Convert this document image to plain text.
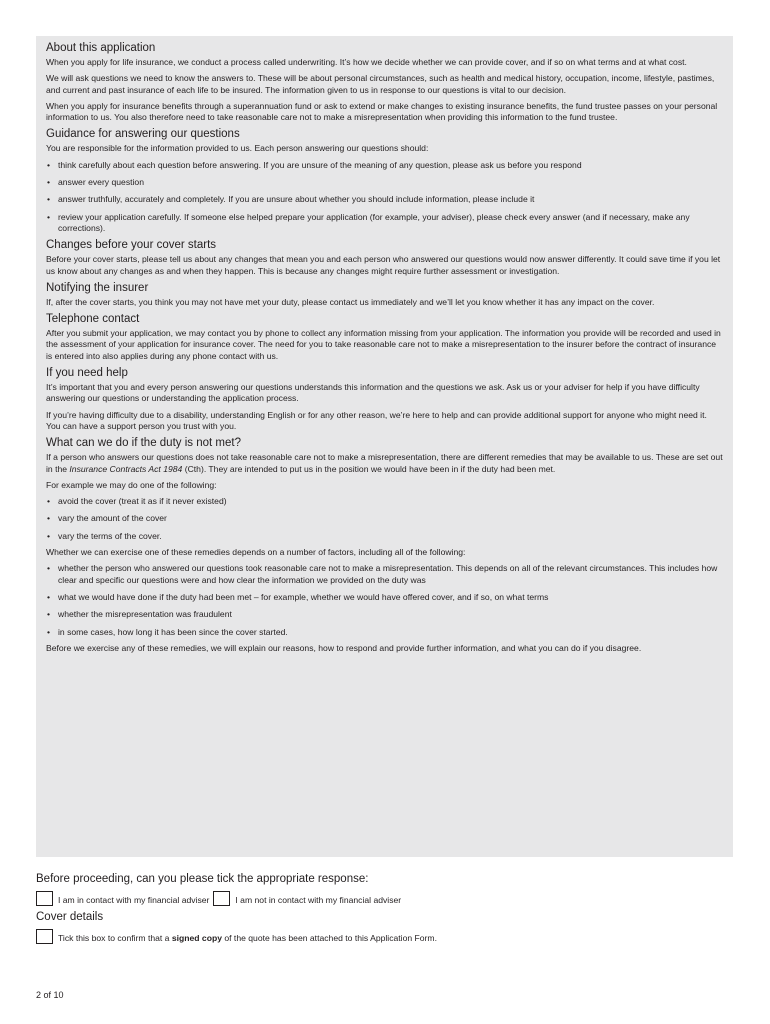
About this application

When you apply for life insurance, we conduct a process called underwriting. It’s how we decide whether we can provide cover, and if so on what terms and at what cost.

We will ask questions we need to know the answers to. These will be about personal circumstances, such as health and medical history, occupation, income, lifestyle, pastimes, and current and past insurance of each life to be insured. The information given to us in response to our questions is vital to our decision.

When you apply for insurance benefits through a superannuation fund or ask to extend or make changes to existing insurance benefits, the fund trustee passes on your personal information to us. You also therefore need to take reasonable care not to make a misrepresentation when providing this information to the fund trustee.

Guidance for answering our questions

You are responsible for the information provided to us. Each person answering our questions should:

• think carefully about each question before answering. If you are unsure of the meaning of any question, please ask us before you respond
• answer every question
• answer truthfully, accurately and completely. If you are unsure about whether you should include information, please include it
• review your application carefully. If someone else helped prepare your application (for example, your adviser), please check every answer (and if necessary, make any corrections).
Changes before your cover starts

Before your cover starts, please tell us about any changes that mean you and each person who answered our questions would now answer differently. It could save time if you let us know about any changes as and when they happen. This is because any changes might require further assessment or investigation.

Notifying the insurer

If, after the cover starts, you think you may not have met your duty, please contact us immediately and we’ll let you know whether it has any impact on the cover.

Telephone contact

After you submit your application, we may contact you by phone to collect any information missing from your application. The information you provide will be recorded and used in the assessment of your application for insurance cover. The need for you to take reasonable care not to make a misrepresentation to the insurer before the contract of insurance is entered into also applies during any phone contact with us.

If you need help

It’s important that you and every person answering our questions understands this information and the questions we ask. Ask us or your adviser for help if you have difficulty answering our questions or understanding the application process.

If you’re having difficulty due to a disability, understanding English or for any other reason, we’re here to help and can provide additional support for anyone who might need it. You can have a support person you trust with you.

What can we do if the duty is not met?

If a person who answers our questions does not take reasonable care not to make a misrepresentation, there are different remedies that may be available to us. These are set out in the Insurance Contracts Act 1984 (Cth). They are intended to put us in the position we would have been in if the duty had been met.

For example we may do one of the following:

• avoid the cover (treat it as if it never existed)
• vary the amount of the cover
• vary the terms of the cover.

Whether we can exercise one of these remedies depends on a number of factors, including all of the following:

• whether the person who answered our questions took reasonable care not to make a misrepresentation. This depends on all of the relevant circumstances. This includes how clear and specific our questions were and how clear the information we provided on the duty was
• what we would have done if the duty had been met – for example, whether we would have offered cover, and if so, on what terms
• whether the misrepresentation was fraudulent
• in some cases, how long it has been since the cover started.

Before we exercise any of these remedies, we will explain our reasons, how to respond and provide further information, and what you can do if you disagree.

Before proceeding, can you please tick the appropriate response:
I am in contact with my financial adviser	I am not in contact with my financial adviser
Cover details
Tick this box to confirm that a signed copy of the quote has been attached to this Application Form.
2 of 10
